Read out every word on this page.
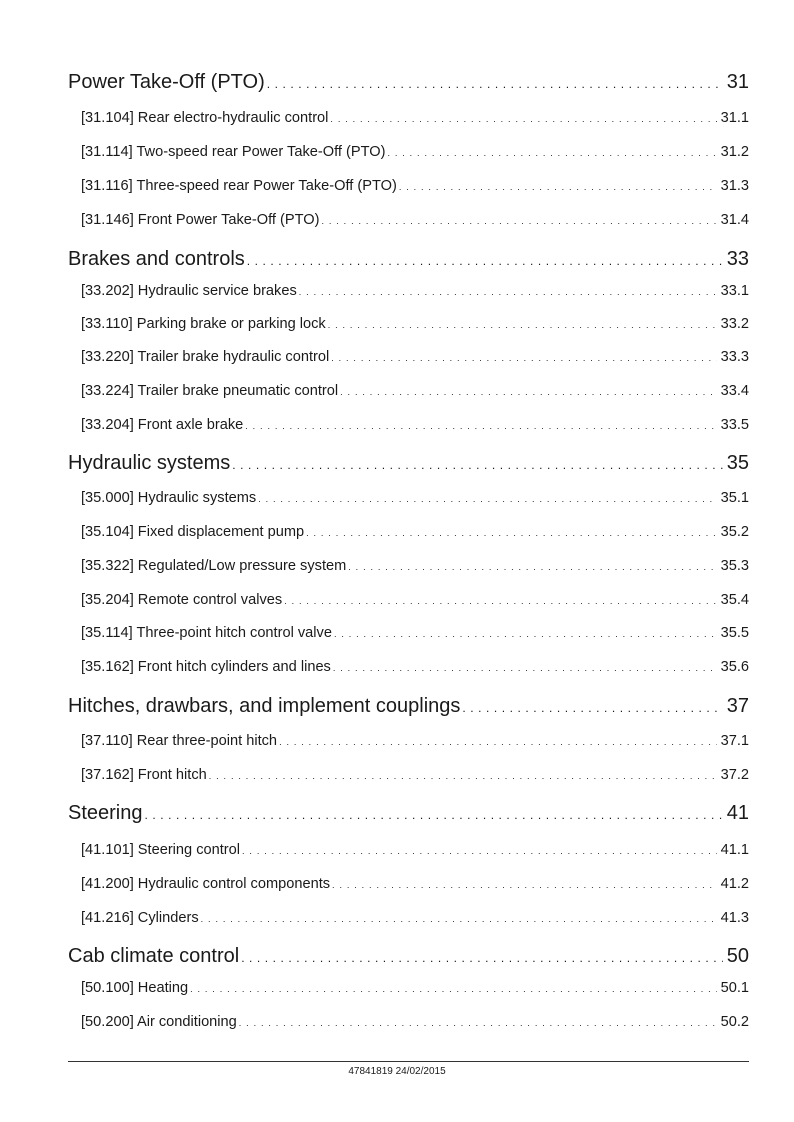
Power Take-Off (PTO) . . .	31
[31.104] Rear electro-hydraulic control . . .	31.1
[31.114] Two-speed rear Power Take-Off (PTO) . . .	31.2
[31.116] Three-speed rear Power Take-Off (PTO) . . .	31.3
[31.146] Front Power Take-Off (PTO) . . .	31.4
Brakes and controls . . .	33
[33.202] Hydraulic service brakes . . .	33.1
[33.110] Parking brake or parking lock . . .	33.2
[33.220] Trailer brake hydraulic control . . .	33.3
[33.224] Trailer brake pneumatic control . . .	33.4
[33.204] Front axle brake . . .	33.5
Hydraulic systems . . .	35
[35.000] Hydraulic systems . . .	35.1
[35.104] Fixed displacement pump . . .	35.2
[35.322] Regulated/Low pressure system . . .	35.3
[35.204] Remote control valves . . .	35.4
[35.114] Three-point hitch control valve . . .	35.5
[35.162] Front hitch cylinders and lines . . .	35.6
Hitches, drawbars, and implement couplings . . .	37
[37.110] Rear three-point hitch . . .	37.1
[37.162] Front hitch . . .	37.2
Steering . . .	41
[41.101] Steering control . . .	41.1
[41.200] Hydraulic control components . . .	41.2
[41.216] Cylinders . . .	41.3
Cab climate control . . .	50
[50.100] Heating . . .	50.1
[50.200] Air conditioning . . .	50.2
47841819 24/02/2015
